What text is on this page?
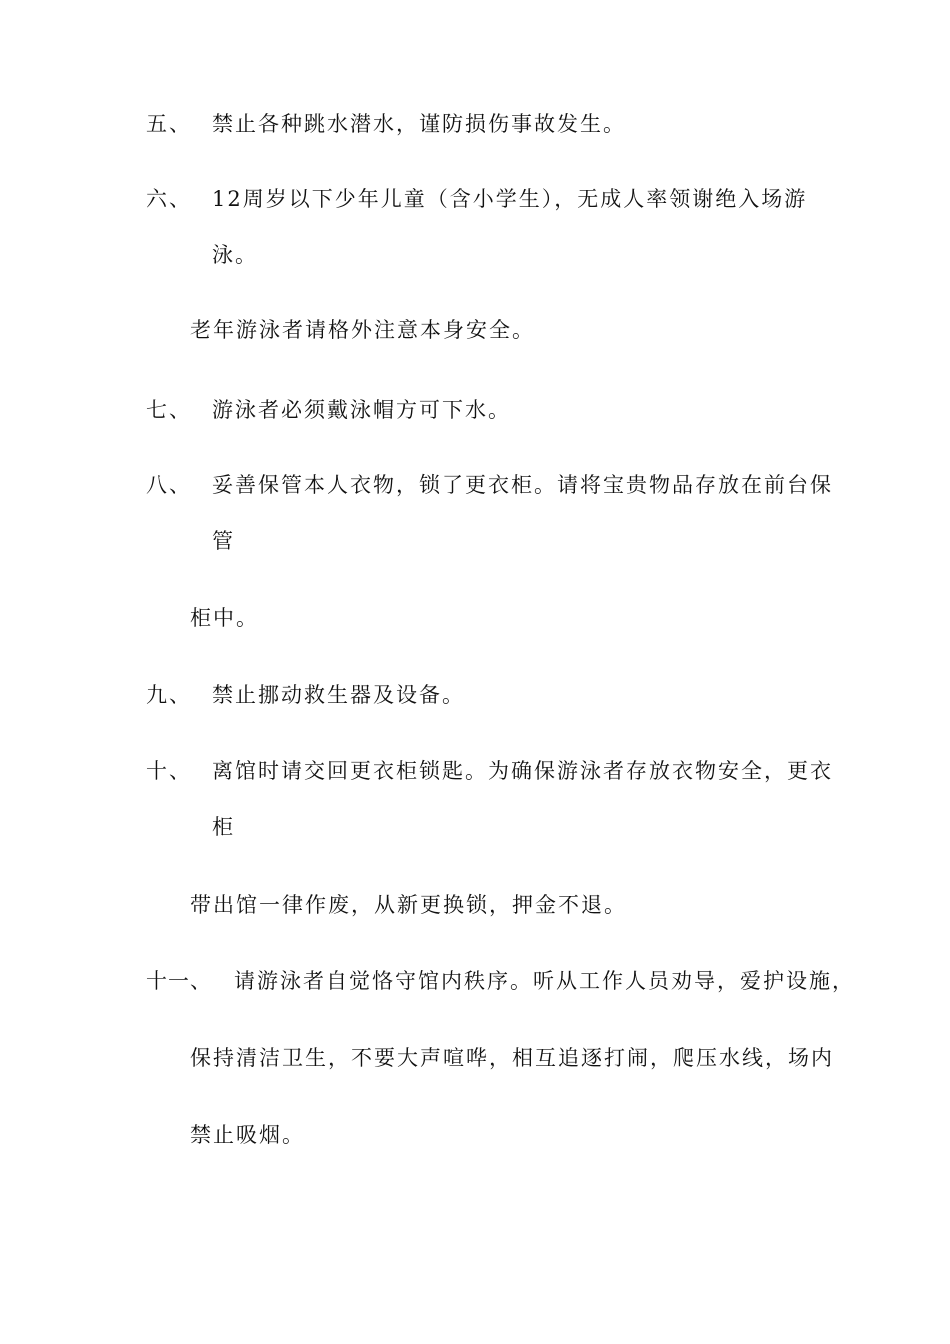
五、 禁止各种跳水潜水，谨防损伤事故发生。
六、 12周岁以下少年儿童（含小学生），无成人率领谢绝入场游
泳。
老年游泳者请格外注意本身安全。
七、 游泳者必须戴泳帽方可下水。
八、 妥善保管本人衣物，锁了更衣柜。请将宝贵物品存放在前台保
管
柜中。
九、 禁止挪动救生器及设备。
十、 离馆时请交回更衣柜锁匙。为确保游泳者存放衣物安全，更衣
柜
带出馆一律作废，从新更换锁，押金不退。
十一、 请游泳者自觉恪守馆内秩序。听从工作人员劝导，爱护设施，
保持清洁卫生，不要大声喧哗，相互追逐打闹，爬压水线，场内
禁止吸烟。
